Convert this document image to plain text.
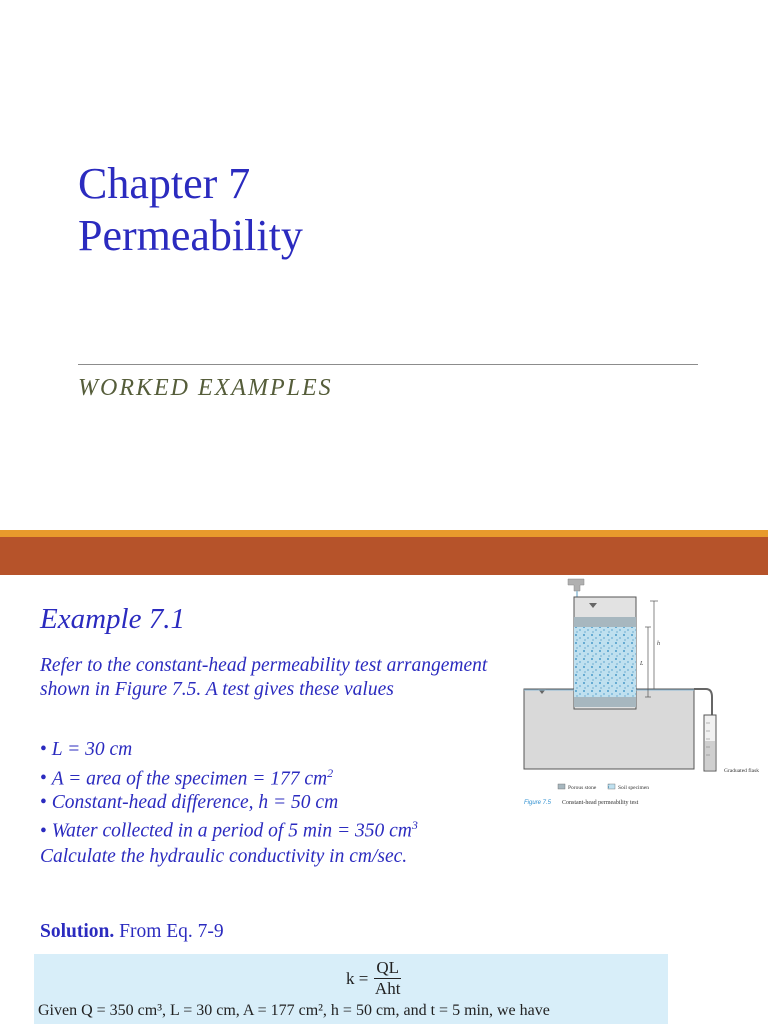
Chapter 7
Permeability
WORKED EXAMPLES
Example 7.1

Refer to the constant-head permeability test arrangement shown in Figure 7.5. A test gives these values

• L = 30 cm
• A = area of the specimen = 177 $cm^2$
• Constant-head difference, h = 50 cm
• Water collected in a period of 5 min = 350 $cm^3$

Calculate the hydraulic conductivity in cm/sec.

Solution. From Eq. 7-9
$k = \frac{QL}{\text{Aht}}$
Given Q = 350 cm³, L = 30 cm, A = 177 cm², h = 50 cm, and t = 5 min, we have
h
L
Graduated flask
Porous stone	Soil specimen
Figure 7.5 Constant-head permeability test
